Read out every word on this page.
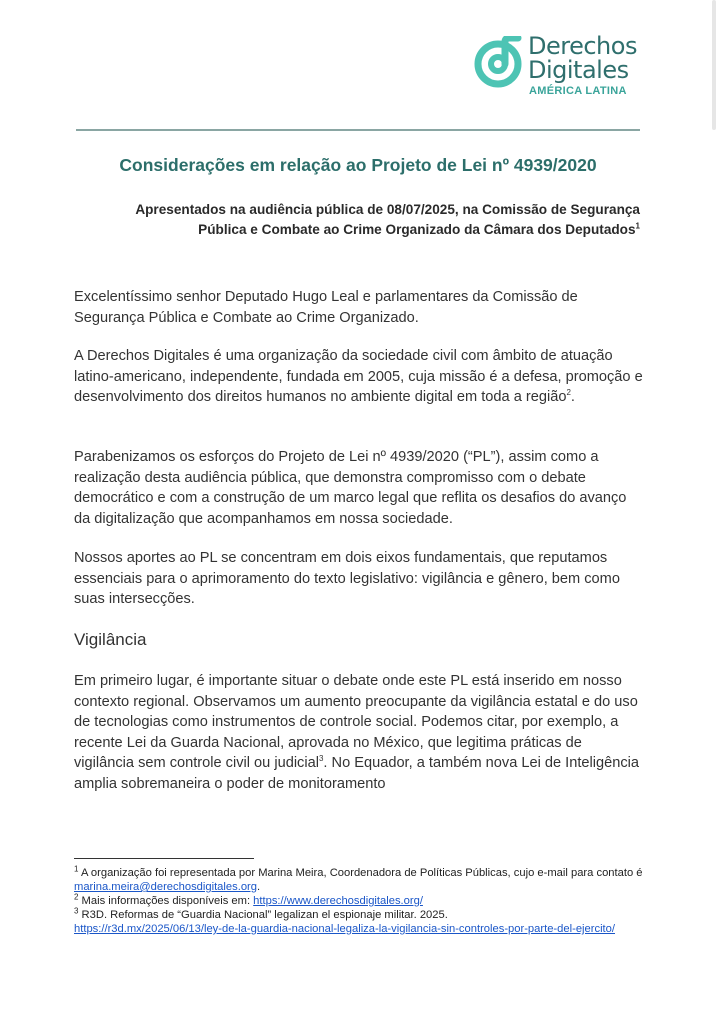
Derechos
Digitales
AMÉRICA LATINA
Considerações em relação ao Projeto de Lei nº 4939/2020
Apresentados na audiência pública de 08/07/2025, na Comissão de Segurança
Pública e Combate ao Crime Organizado da Câmara dos Deputados$^1$
Excelentíssimo senhor Deputado Hugo Leal e parlamentares da Comissão de Segurança Pública e Combate ao Crime Organizado.
A Derechos Digitales é uma organização da sociedade civil com âmbito de atuação latino-americano, independente, fundada em 2005, cuja missão é a defesa, promoção e desenvolvimento dos direitos humanos no ambiente digital em toda a região$^2$.
Parabenizamos os esforços do Projeto de Lei nº 4939/2020 (“PL”), assim como a realização desta audiência pública, que demonstra compromisso com o debate democrático e com a construção de um marco legal que reflita os desafios do avanço da digitalização que acompanhamos em nossa sociedade.
Nossos aportes ao PL se concentram em dois eixos fundamentais, que reputamos essenciais para o aprimoramento do texto legislativo: vigilância e gênero, bem como suas intersecções.
Vigilância
Em primeiro lugar, é importante situar o debate onde este PL está inserido em nosso contexto regional. Observamos um aumento preocupante da vigilância estatal e do uso de tecnologias como instrumentos de controle social. Podemos citar, por exemplo, a recente Lei da Guarda Nacional, aprovada no México, que legitima práticas de vigilância sem controle civil ou judicial$^3$. No Equador, a também nova Lei de Inteligência amplia sobremaneira o poder de monitoramento

$^1$ A organização foi representada por Marina Meira, Coordenadora de Políticas Públicas, cujo e-mail para contato é marina.meira@derechosdigitales.org.

$^2$ Mais informações disponíveis em: https://www.derechosdigitales.org/

$^3$ R3D. Reformas de “Guardia Nacional” legalizan el espionaje militar. 2025.
https://r3d.mx/2025/06/13/ley-de-la-guardia-nacional-legaliza-la-vigilancia-sin-controles-por-parte-del-ejercito/
